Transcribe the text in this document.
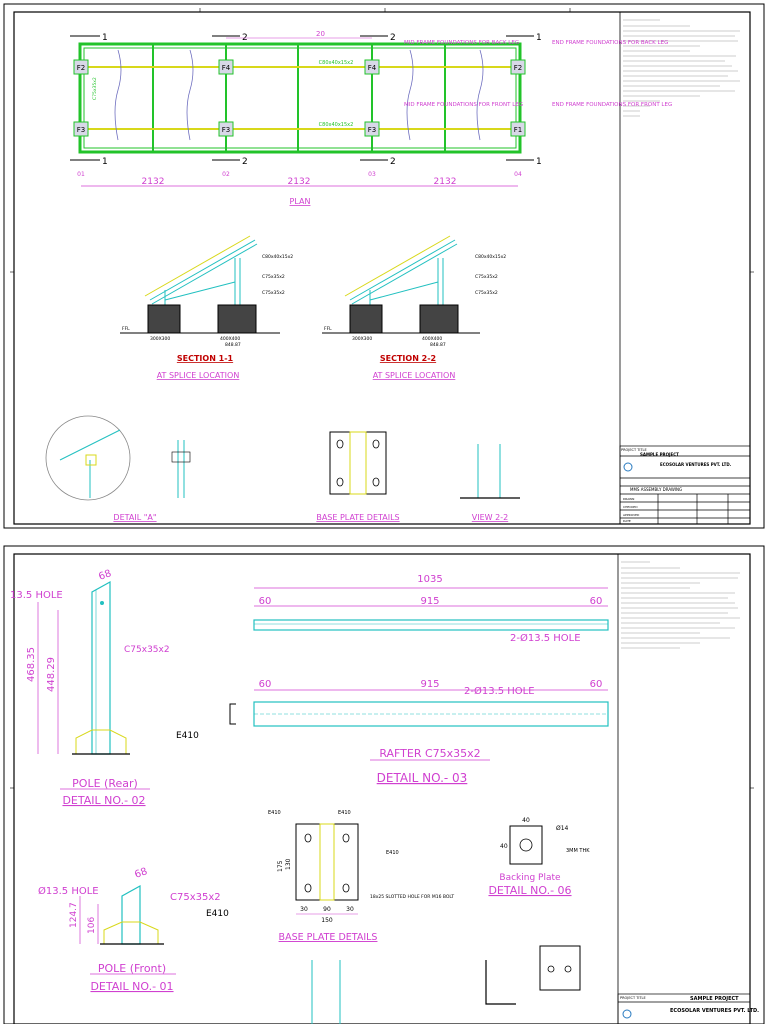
PROJECT TITLE
SAMPLE PROJECT
ECOSOLAR VENTURES PVT. LTD.
MMS ASSEMBLY DRAWING
DRAWN
CHECKED
APPROVED
DATE
F2	F4	F4	F2
F3	F3	F3	F1
C80x40x15x2
C80x40x15x2
C75x35x2
1	2	2	1
1	2	2	1
20
END FRAME FOUNDATIONS FOR BACK LEG
MID FRAME FOUNDATIONS FOR BACK LEG
MID FRAME FOUNDATIONS FOR FRONT LEG	END FRAME FOUNDATIONS FOR FRONT LEG
01	02	03	04
2132	2132	2132
PLAN
C80x40x15x2
C75x35x2
C75x35x2
C80x40x15x2
C75x35x2
C75x35x2
848.87
300X300	400X400
848.87
300X300	400X400
FFL	FFL
SECTION 1-1
AT SPLICE LOCATION
SECTION 2-2
AT SPLICE LOCATION
DETAIL "A"	BASE PLATE DETAILS	VIEW 2-2
PROJECT TITLE	SAMPLE PROJECT
ECOSOLAR VENTURES PVT. LTD.
468.35 448.29
13.5 HOLE
68
C75x35x2
E410
POLE (Rear)
DETAIL NO.- 02
1035
60	915	60
2-Ø13.5 HOLE
60	915	60
2-Ø13.5 HOLE
RAFTER C75x35x2
DETAIL NO.- 03
124.7 106
Ø13.5 HOLE
C75x35x2
68
E410
POLE (Front)
DETAIL NO.- 01
30	90	30
150
175 130
18x25 SLOTTED HOLE FOR M16 BOLT
E410	E410
E410
BASE PLATE DETAILS
40
40
Ø14
3MM THK
Backing Plate
DETAIL NO.- 06
